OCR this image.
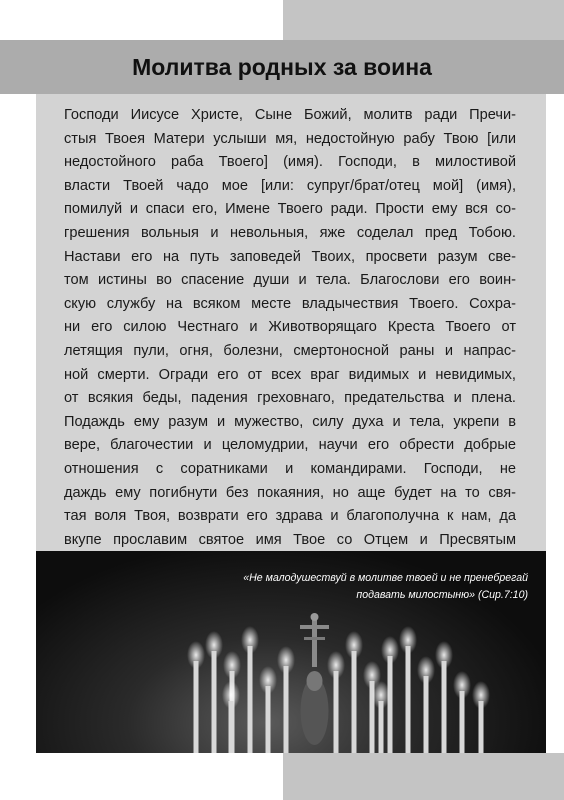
Молитва родных за воина
Господи Иисусе Христе, Сыне Божий, молитв ради Пречи-
стыя Твоея Матери услыши мя, недостойную рабу Твою [или
недостойного раба Твоего] (имя). Господи, в милостивой
власти Твоей чадо мое [или: супруг/брат/отец мой] (имя),
помилуй и спаси его, Имене Твоего ради. Прости ему вся со-
грешения вольныя и невольныя, яже соделал пред Тобою.
Настави его на путь заповедей Твоих, просвети разум све-
том истины во спасение души и тела. Благослови его воин-
скую службу на всяком месте владычествия Твоего. Сохра-
ни его силою Честнаго и Животворящаго Креста Твоего от
летящия пули, огня, болезни, смертоносной раны и напрас-
ной смерти. Огради его от всех враг видимых и невидимых,
от всякия беды, падения греховнаго, предательства и плена.
Подаждь ему разум и мужество, силу духа и тела, укрепи в
вере, благочестии и целомудрии, научи его обрести добрые
отношения с соратниками и командирами. Господи, не
даждь ему погибнути без покаяния, но аще будет на то свя-
тая воля Твоя, возврати его здрава и благополучна к нам, да
вкупе прославим святое имя Твое со Отцем и Пресвятым

«Не малодушествуй в молитве твоей и не пренебрегай
подавать милостыню» (Сир.7:10)
